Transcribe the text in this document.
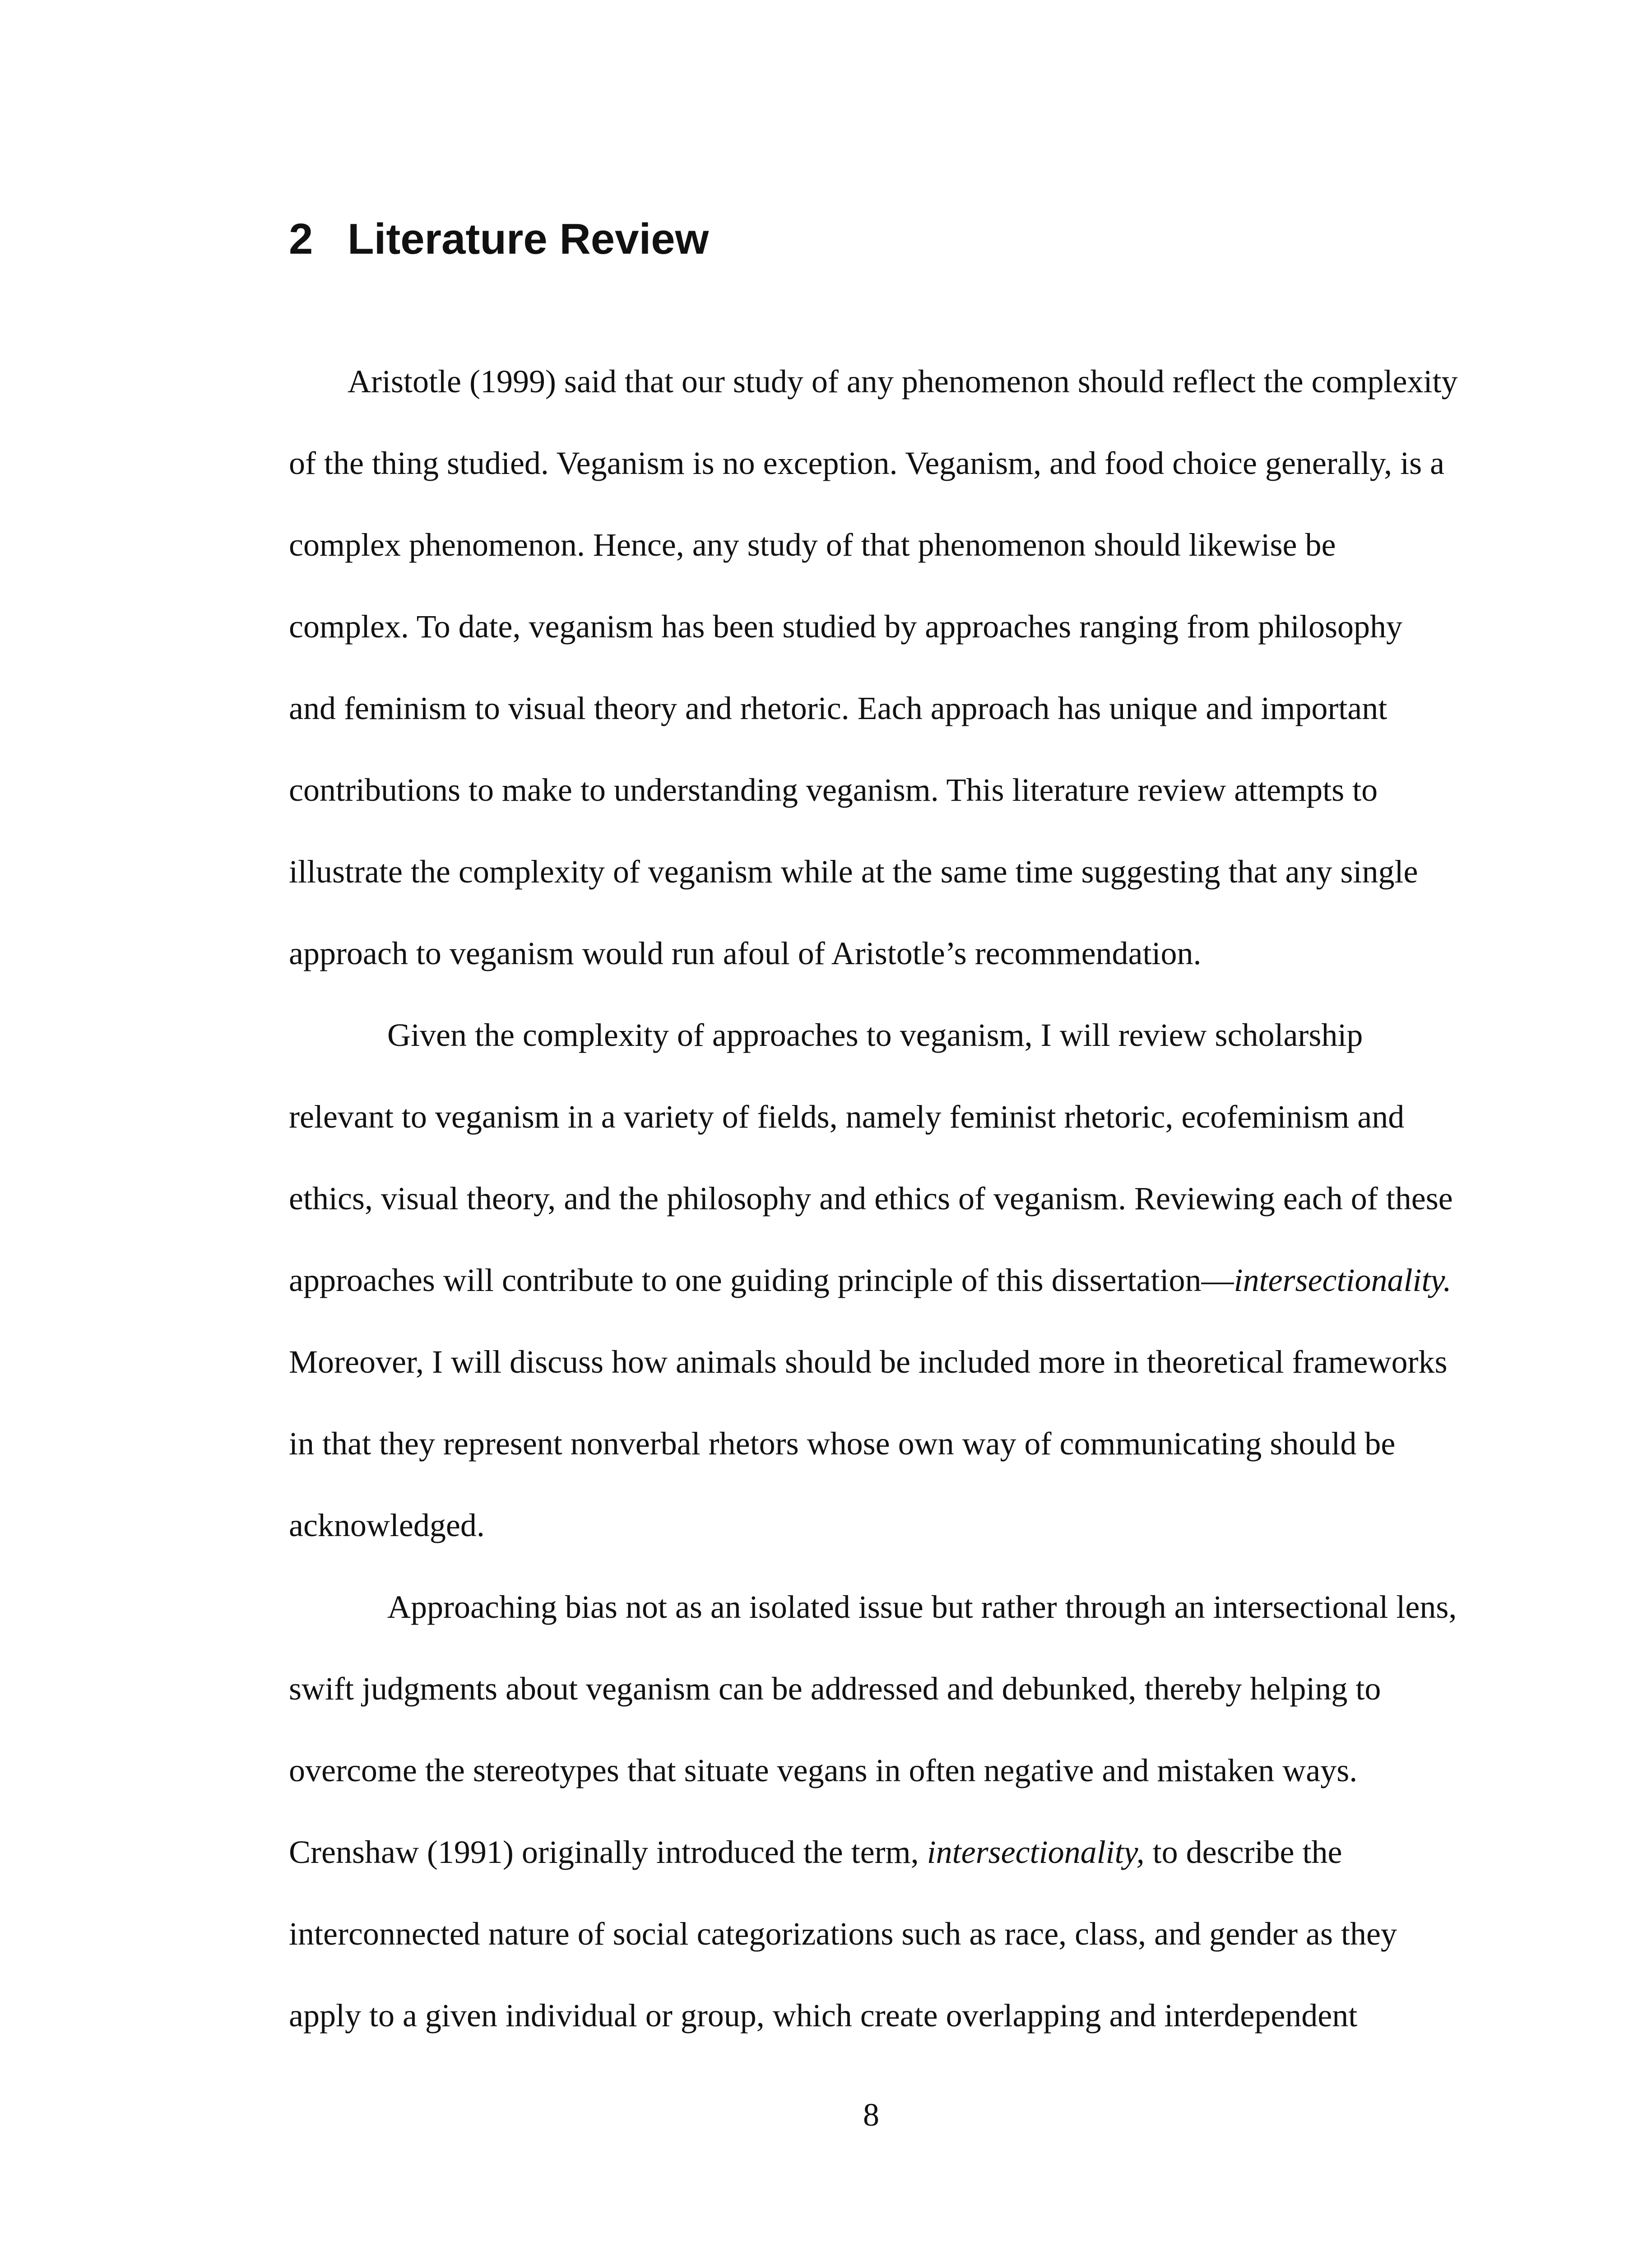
2 Literature Review

Aristotle (1999) said that our study of any phenomenon should reflect the complexity
of the thing studied. Veganism is no exception. Veganism, and food choice generally, is a
complex phenomenon. Hence, any study of that phenomenon should likewise be
complex. To date, veganism has been studied by approaches ranging from philosophy
and feminism to visual theory and rhetoric. Each approach has unique and important
contributions to make to understanding veganism. This literature review attempts to
illustrate the complexity of veganism while at the same time suggesting that any single
approach to veganism would run afoul of Aristotle’s recommendation.

Given the complexity of approaches to veganism, I will review scholarship
relevant to veganism in a variety of fields, namely feminist rhetoric, ecofeminism and
ethics, visual theory, and the philosophy and ethics of veganism. Reviewing each of these
approaches will contribute to one guiding principle of this dissertation—intersectionality.
Moreover, I will discuss how animals should be included more in theoretical frameworks
in that they represent nonverbal rhetors whose own way of communicating should be
acknowledged.

Approaching bias not as an isolated issue but rather through an intersectional lens,
swift judgments about veganism can be addressed and debunked, thereby helping to
overcome the stereotypes that situate vegans in often negative and mistaken ways.
Crenshaw (1991) originally introduced the term, intersectionality, to describe the
interconnected nature of social categorizations such as race, class, and gender as they
apply to a given individual or group, which create overlapping and interdependent

8
